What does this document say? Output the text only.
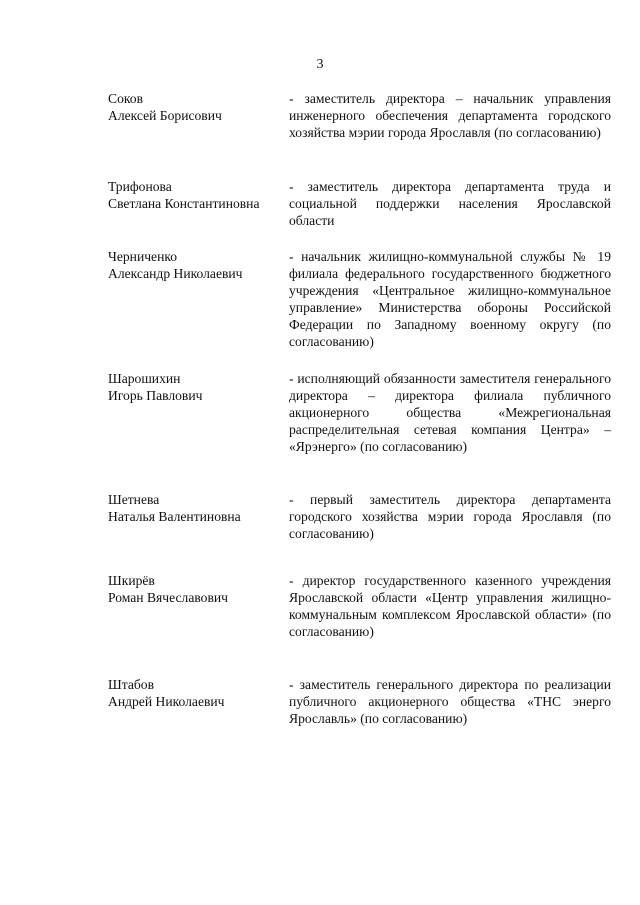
3
Соков
Алексей Борисович
- заместитель директора – начальник управления инженерного обеспечения департамента городского хозяйства мэрии города Ярославля (по согласованию)
Трифонова
Светлана Константиновна
- заместитель директора департамента труда и социальной поддержки населения Ярославской области
Черниченко
Александр Николаевич
- начальник жилищно-коммунальной службы № 19 филиала федерального государственного бюджетного учреждения «Центральное жилищно-коммунальное управление» Министерства обороны Российской Федерации по Западному военному округу (по согласованию)
Шарошихин
Игорь Павлович
- исполняющий обязанности заместителя генерального директора – директора филиала публичного акционерного общества «Межрегиональная распределительная сетевая компания Центра» – «Ярэнерго» (по согласованию)
Шетнева
Наталья Валентиновна
- первый заместитель директора департамента городского хозяйства мэрии города Ярославля (по согласованию)
Шкирёв
Роман Вячеславович
- директор государственного казенного учреждения Ярославской области «Центр управления жилищно-коммунальным комплексом Ярославской области» (по согласованию)
Штабов
Андрей Николаевич
- заместитель генерального директора по реализации публичного акционерного общества «ТНС энерго Ярославль» (по согласованию)
